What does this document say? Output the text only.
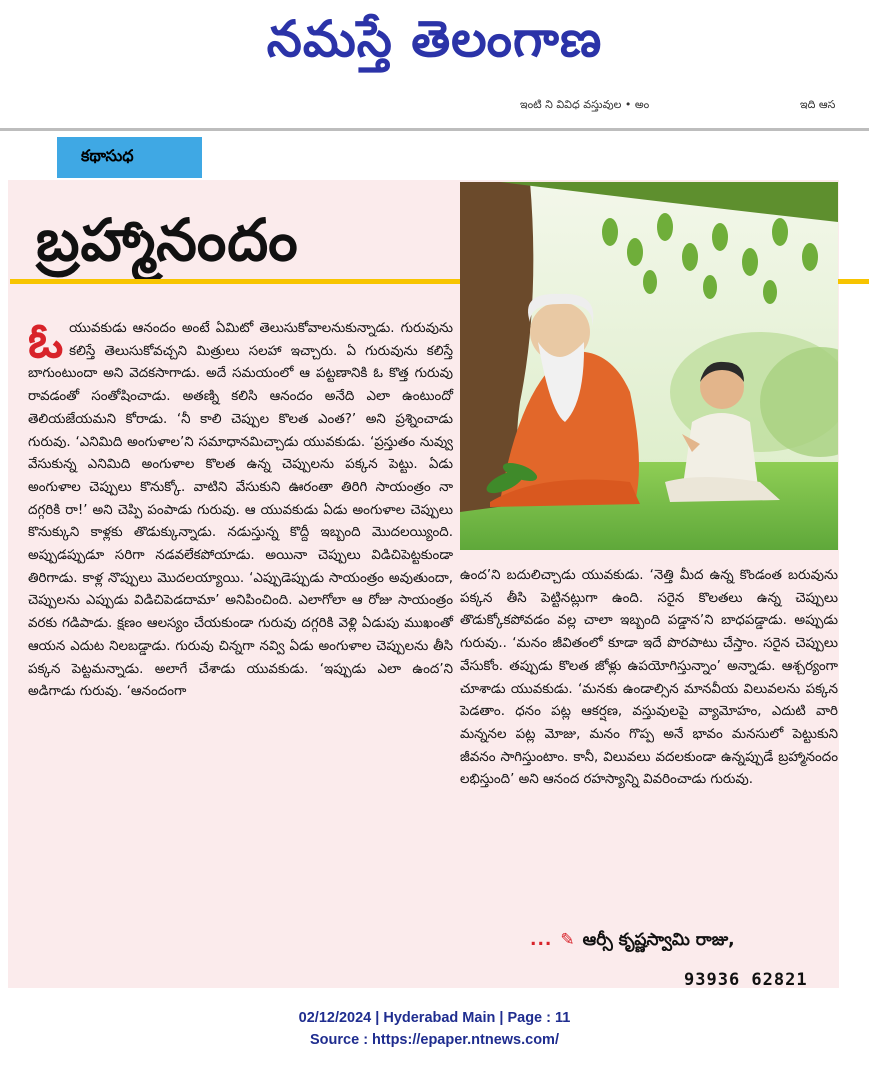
నమస్తే తెలంగాణ
ఇంటి ని వివిధ వస్తువుల • అం	ఇది ఆస
కథాసుధ
బ్రహ్మానందం
ఓ యువకుడు ఆనందం అంటే ఏమిటో తెలుసుకోవాలనుకున్నాడు. గురువును కలిస్తే తెలుసుకోవచ్చని మిత్రులు సలహా ఇచ్చారు. ఏ గురువును కలిస్తే బాగుంటుందా అని వెదకసాగాడు. అదే సమయంలో ఆ పట్టణానికి ఓ కొత్త గురువు రావడంతో సంతోషించాడు. అతణ్ని కలిసి ఆనందం అనేది ఎలా ఉంటుందో తెలియజేయమని కోరాడు. ‘నీ కాలి చెప్పుల కొలత ఎంత?’ అని ప్రశ్నించాడు గురువు. ‘ఎనిమిది అంగుళాల’ని సమాధానమిచ్చాడు యువకుడు. ‘ప్రస్తుతం నువ్వు వేసుకున్న ఎనిమిది అంగుళాల కొలత ఉన్న చెప్పులను పక్కన పెట్టు. ఏడు అంగుళాల చెప్పులు కొనుక్కో. వాటిని వేసుకుని ఊరంతా తిరిగి సాయంత్రం నా దగ్గరికి రా!’ అని చెప్పి పంపాడు గురువు. ఆ యువకుడు ఏడు అంగుళాల చెప్పులు కొనుక్కుని కాళ్లకు తొడుక్కున్నాడు. నడుస్తున్న కొద్దీ ఇబ్బంది మొదలయ్యింది. అప్పుడప్పుడూ సరిగా నడవలేకపోయాడు. అయినా చెప్పులు విడిచిపెట్టకుండా తిరిగాడు. కాళ్ల నొప్పులు మొదలయ్యాయి. ‘ఎప్పుడెప్పుడు సాయంత్రం అవుతుందా, చెప్పులను ఎప్పుడు విడిచిపెడదామా’ అనిపించింది. ఎలాగోలా ఆ రోజు సాయంత్రం వరకు గడిపాడు. క్షణం ఆలస్యం చేయకుండా గురువు దగ్గరికి వెళ్లి ఏడుపు ముఖంతో ఆయన ఎదుట నిలబడ్డాడు. గురువు చిన్నగా నవ్వి ఏడు అంగుళాల చెప్పులను తీసి పక్కన పెట్టమన్నాడు. అలాగే చేశాడు యువకుడు. ‘ఇప్పుడు ఎలా ఉంద’ని అడిగాడు గురువు. ‘ఆనందంగా
ఉంద’ని బదులిచ్చాడు యువకుడు. ‘నెత్తి మీద ఉన్న కొండంత బరువును పక్కన తీసి పెట్టినట్లుగా ఉంది. సరైన కొలతలు ఉన్న చెప్పులు తొడుక్కోకపోవడం వల్ల చాలా ఇబ్బంది పడ్డాన’ని బాధపడ్డాడు. అప్పుడు గురువు.. ‘మనం జీవితంలో కూడా ఇదే పొరపాటు చేస్తాం. సరైన చెప్పులు వేసుకోం. తప్పుడు కొలత జోళ్లు ఉపయోగిస్తున్నాం’ అన్నాడు. ఆశ్చర్యంగా చూశాడు యువకుడు. ‘మనకు ఉండాల్సిన మానవీయ విలువలను పక్కన పెడతాం. ధనం పట్ల ఆకర్షణ, వస్తువులపై వ్యామోహం, ఎదుటి వారి మన్ననల పట్ల మోజు, మనం గొప్ప అనే భావం మనసులో పెట్టుకుని జీవనం సాగిస్తుంటాం. కానీ, విలువలు వదలకుండా ఉన్నప్పుడే బ్రహ్మానందం లభిస్తుంది’ అని ఆనంద రహస్యాన్ని వివరించాడు గురువు.
... ✎ ఆర్సీ కృష్ణస్వామి రాజు,
93936 62821
02/12/2024 | Hyderabad Main | Page : 11
Source : https://epaper.ntnews.com/
